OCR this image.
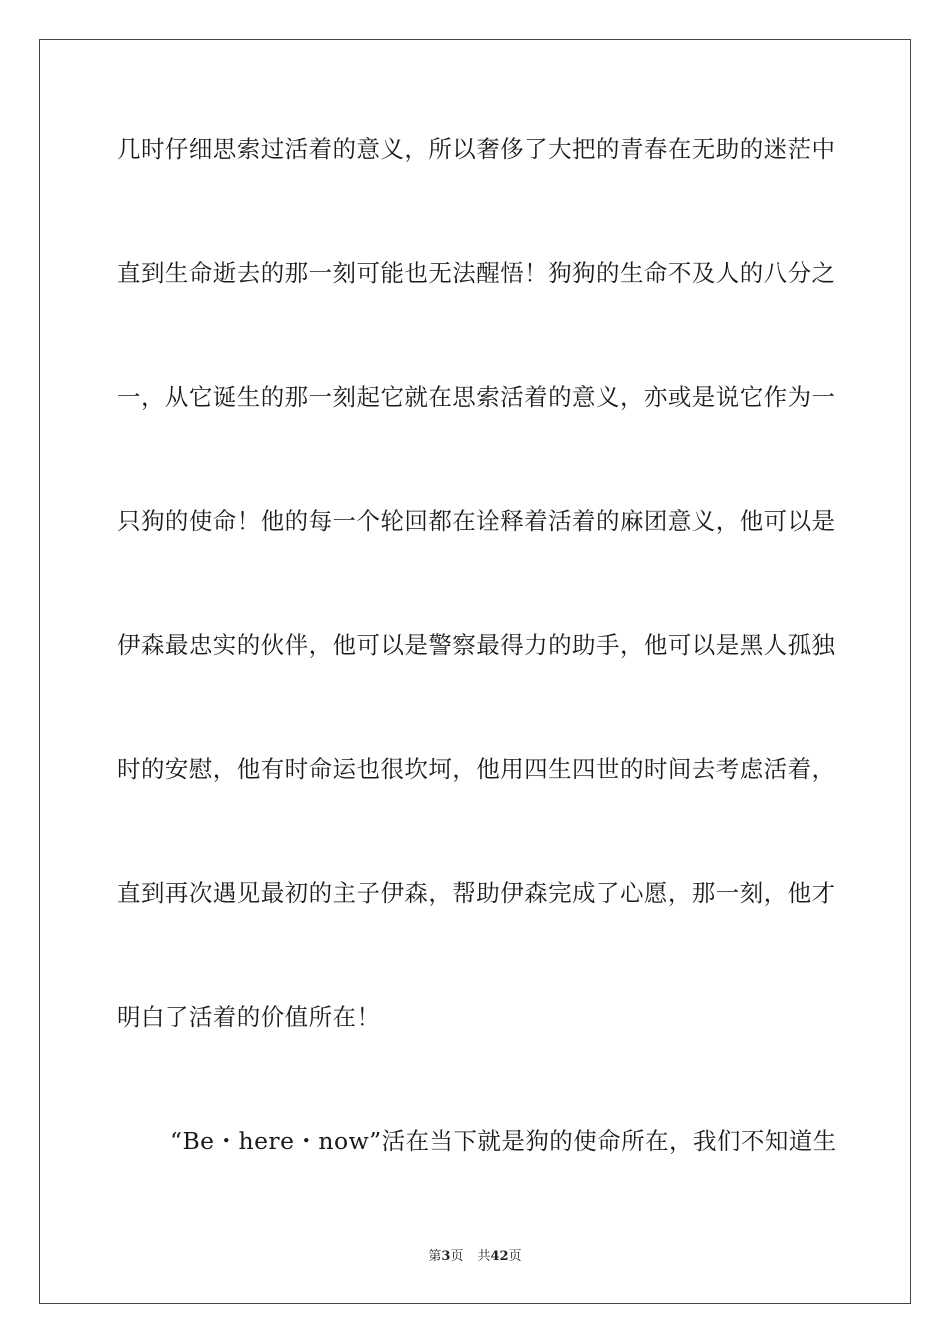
几时仔细思索过活着的意义，所以奢侈了大把的青春在无助的迷茫中
直到生命逝去的那一刻可能也无法醒悟！狗狗的生命不及人的八分之
一，从它诞生的那一刻起它就在思索活着的意义，亦或是说它作为一
只狗的使命！他的每一个轮回都在诠释着活着的麻团意义，他可以是
伊森最忠实的伙伴，他可以是警察最得力的助手，他可以是黑人孤独
时的安慰，他有时命运也很坎坷，他用四生四世的时间去考虑活着，
直到再次遇见最初的主子伊森，帮助伊森完成了心愿，那一刻，他才
明白了活着的价值所在！
“Be・here・now”活在当下就是狗的使命所在，我们不知道生
第3页 共42页
